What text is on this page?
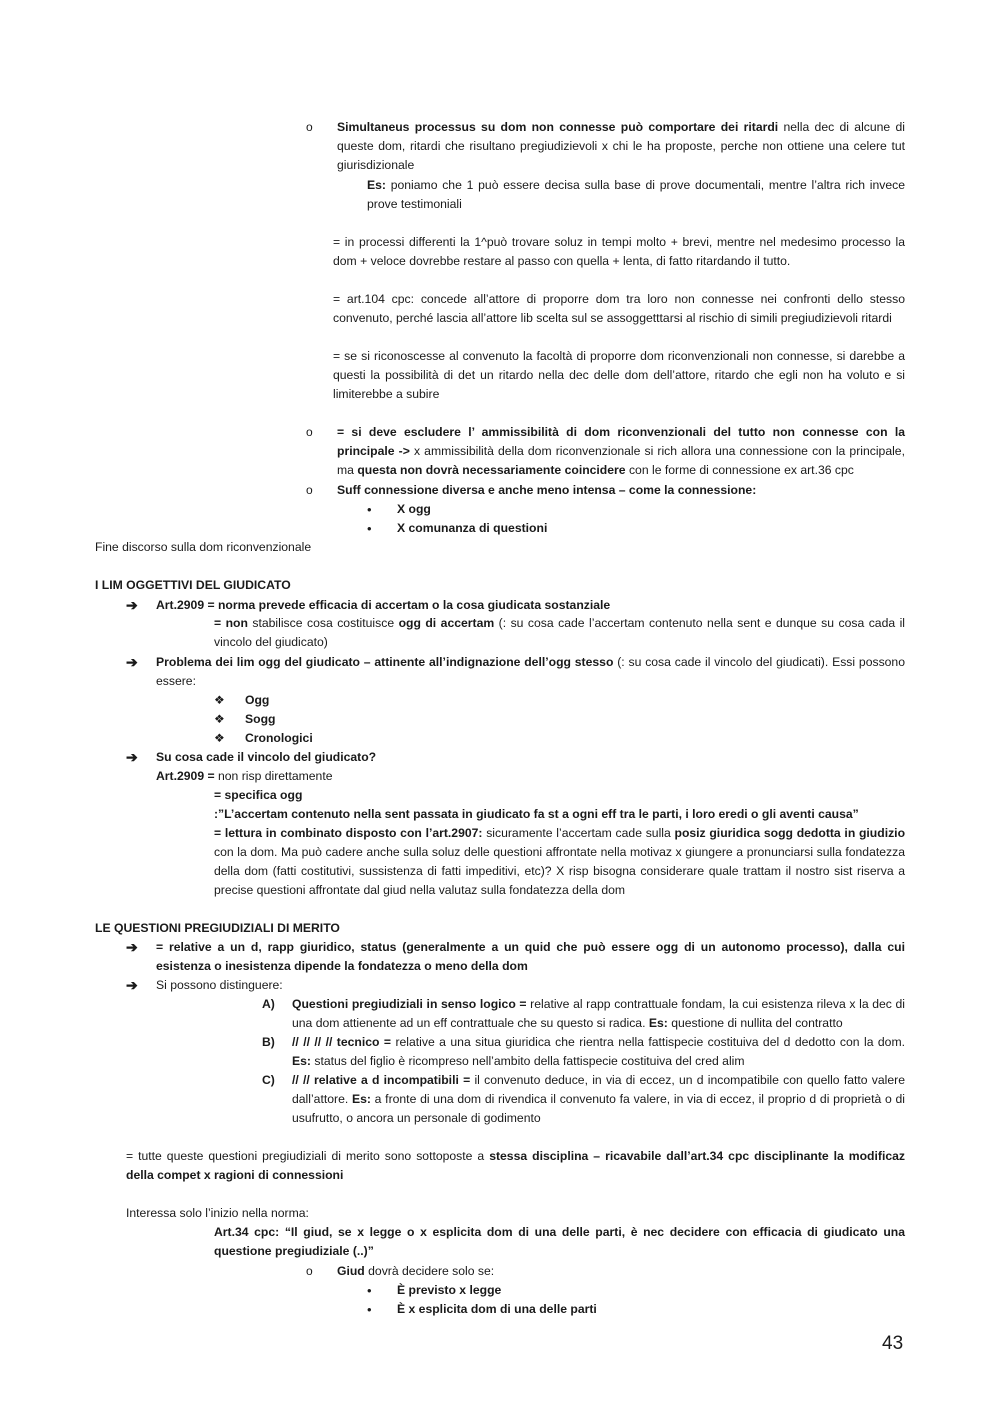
o Simultaneus processus su dom non connesse può comportare dei ritardi nella dec di alcune di queste dom, ritardi che risultano pregiudizievoli x chi le ha proposte, perche non ottiene una celere tut giurisdizionale

Es: poniamo che 1 può essere decisa sulla base di prove documentali, mentre l’altra rich invece prove testimoniali

= in processi differenti la 1^può trovare soluz in tempi molto + brevi, mentre nel medesimo processo la dom + veloce dovrebbe restare al passo con quella + lenta, di fatto ritardando il tutto.

= art.104 cpc: concede all’attore di proporre dom tra loro non connesse nei confronti dello stesso convenuto, perché lascia all’attore lib scelta sul se assoggetttarsi al rischio di simili pregiudizievoli ritardi

= se si riconoscesse al convenuto la facoltà di proporre dom riconvenzionali non connesse, si darebbe a questi la possibilità di det un ritardo nella dec delle dom dell’attore, ritardo che egli non ha voluto e si limiterebbe a subire

o = si deve escludere l’ ammissibilità di dom riconvenzionali del tutto non connesse con la principale -> x ammissibilità della dom riconvenzionale si rich allora una connessione con la principale, ma questa non dovrà necessariamente coincidere con le forme di connessione ex art.36 cpc

o Suff connessione diversa e anche meno intensa – come la connessione:

• X ogg

• X comunanza di questioni

Fine discorso sulla dom riconvenzionale

I LIM OGGETTIVI DEL GIUDICATO

➔ Art.2909 = norma prevede efficacia di accertam o la cosa giudicata sostanziale

= non stabilisce cosa costituisce ogg di accertam (: su cosa cade l’accertam contenuto nella sent e dunque su cosa cada il vincolo del giudicato)

➔ Problema dei lim ogg del giudicato – attinente all’indignazione dell’ogg stesso (: su cosa cade il vincolo del giudicati). Essi possono essere:

❖ Ogg

❖ Sogg

❖ Cronologici

➔ Su cosa cade il vincolo del giudicato?

Art.2909 = non risp direttamente

= specifica ogg

:”L’accertam contenuto nella sent passata in giudicato fa st a ogni eff tra le parti, i loro eredi o gli aventi causa”

= lettura in combinato disposto con l’art.2907: sicuramente l’accertam cade sulla posiz giuridica sogg dedotta in giudizio con la dom. Ma può cadere anche sulla soluz delle questioni affrontate nella motivaz x giungere a pronunciarsi sulla fondatezza della dom (fatti costitutivi, sussistenza di fatti impeditivi, etc)? X risp bisogna considerare quale trattam il nostro sist riserva a precise questioni affrontate dal giud nella valutaz sulla fondatezza della dom

LE QUESTIONI PREGIUDIZIALI DI MERITO

➔ = relative a un d, rapp giuridico, status (generalmente a un quid che può essere ogg di un autonomo processo), dalla cui esistenza o inesistenza dipende la fondatezza o meno della dom

➔ Si possono distinguere:

A) Questioni pregiudiziali in senso logico = relative al rapp contrattuale fondam, la cui esistenza rileva x la dec di una dom attienente ad un eff contrattuale che su questo si radica. Es: questione di nullita del contratto

B) // // // // tecnico = relative a una situa giuridica che rientra nella fattispecie costituiva del d dedotto con la dom. Es: status del figlio è ricompreso nell’ambito della fattispecie costituiva del cred alim

C) // // relative a d incompatibili = il convenuto deduce, in via di eccez, un d incompatibile con quello fatto valere dall’attore. Es: a fronte di una dom di rivendica il convenuto fa valere, in via di eccez, il proprio d di proprietà o di usufrutto, o ancora un personale di godimento

= tutte queste questioni pregiudiziali di merito sono sottoposte a stessa disciplina – ricavabile dall’art.34 cpc disciplinante la modificaz della compet x ragioni di connessioni

Interessa solo l’inizio nella norma:

Art.34 cpc: “Il giud, se x legge o x esplicita dom di una delle parti, è nec decidere con efficacia di giudicato una questione pregiudiziale (..)”

o Giud dovrà decidere solo se:

• È previsto x legge

• È x esplicita dom di una delle parti

43
